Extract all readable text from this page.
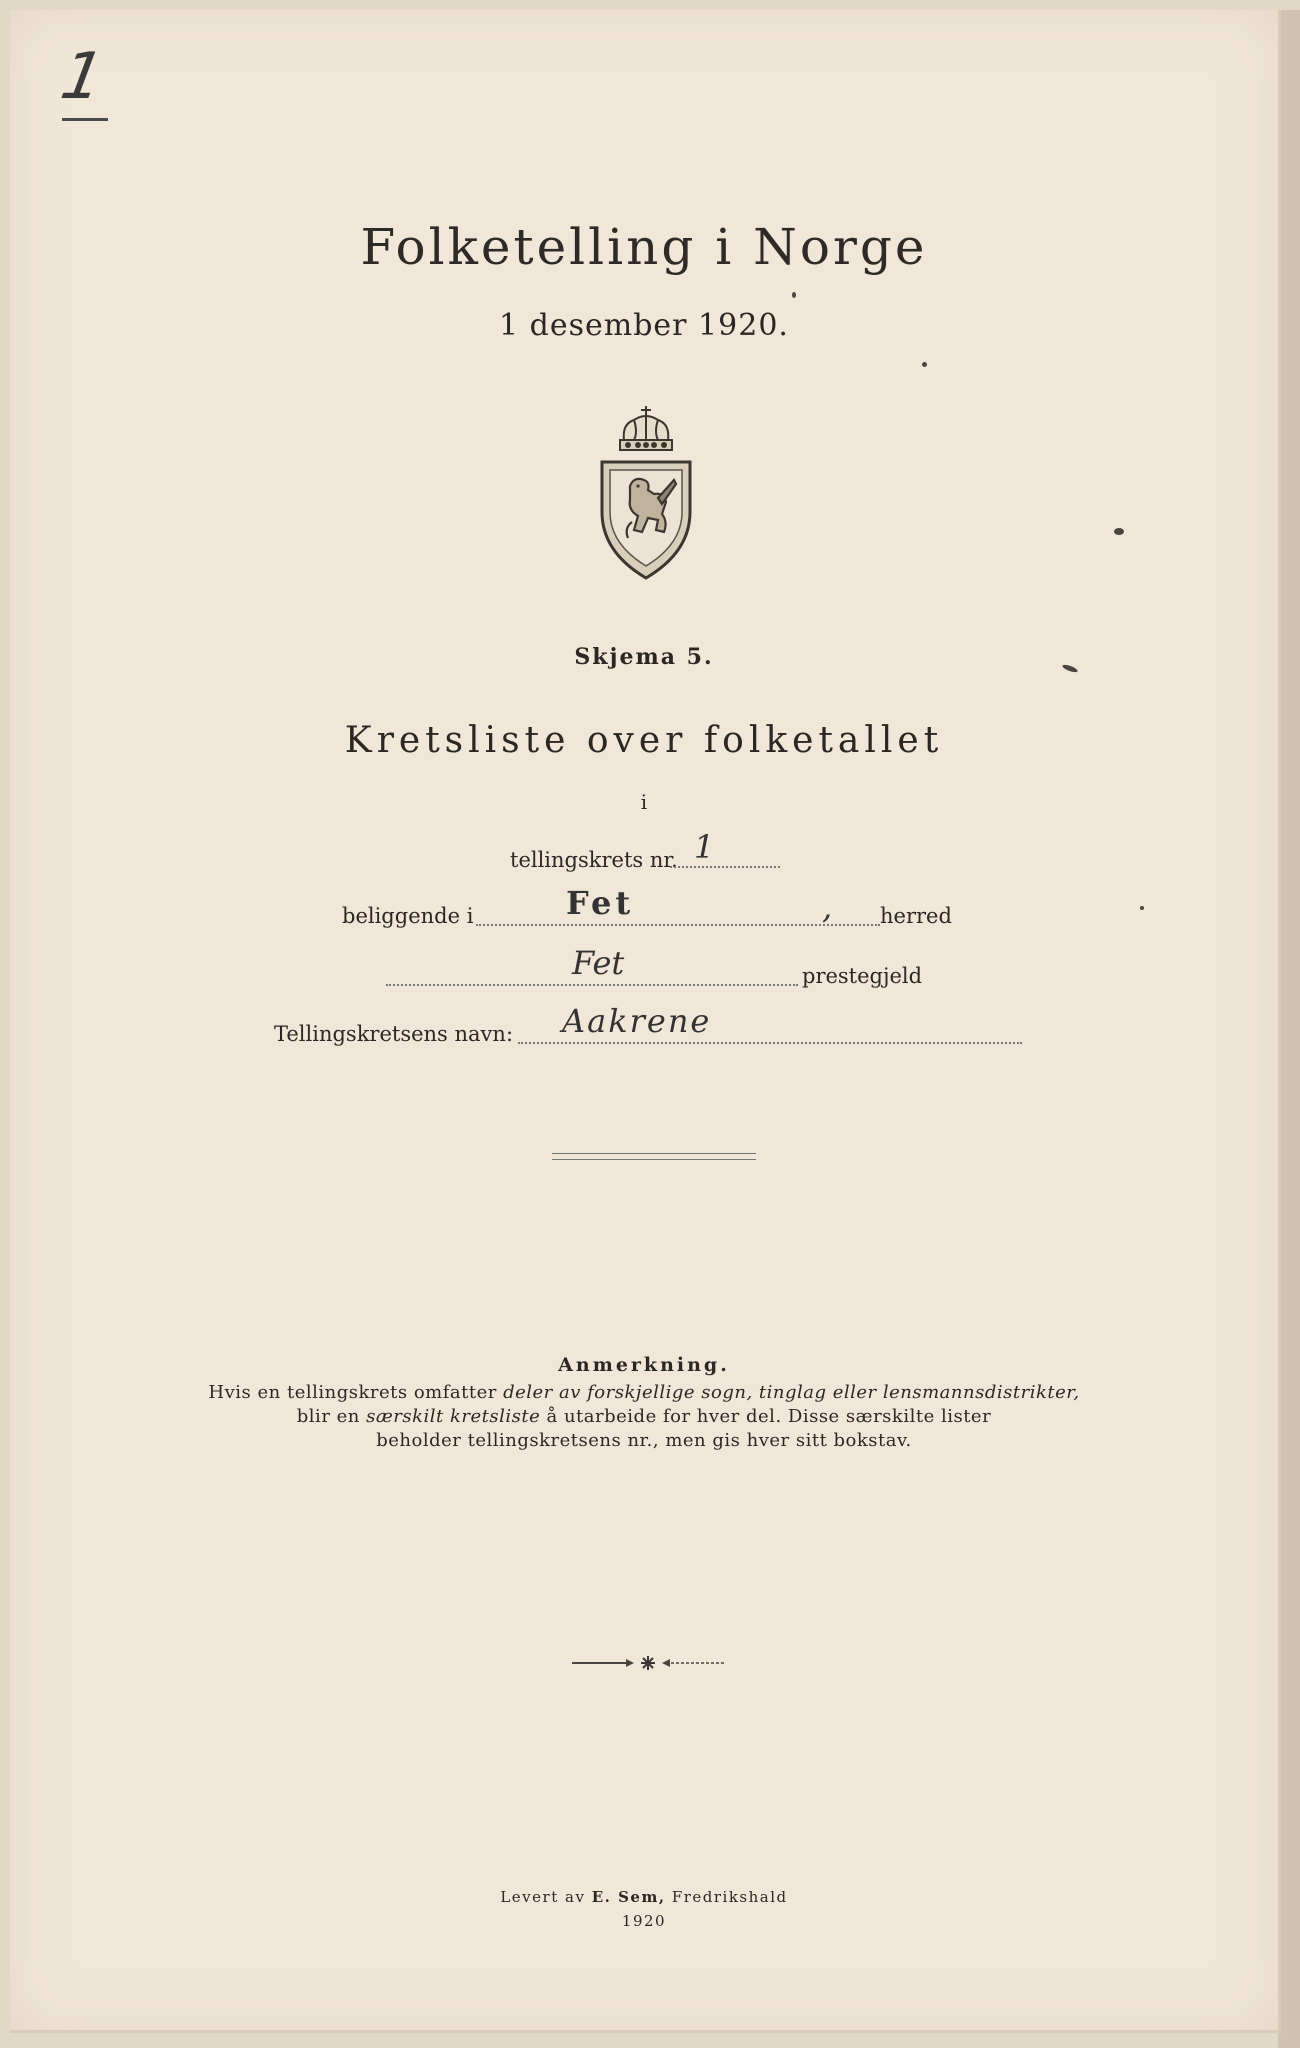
1
Folketelling i Norge
1 desember 1920.
Skjema 5.
Kretsliste over folketallet
i
tellingskrets nr. 1
beliggende i	Fet	, herred
Fet	prestegjeld
Tellingskretsens navn: Aakrene
Anmerkning.
Hvis en tellingskrets omfatter deler av forskjellige sogn, tinglag eller lensmannsdistrikter,
blir en særskilt kretsliste å utarbeide for hver del. Disse særskilte lister
beholder tellingskretsens nr., men gis hver sitt bokstav.
Levert av E. Sem, Fredrikshald
1920
